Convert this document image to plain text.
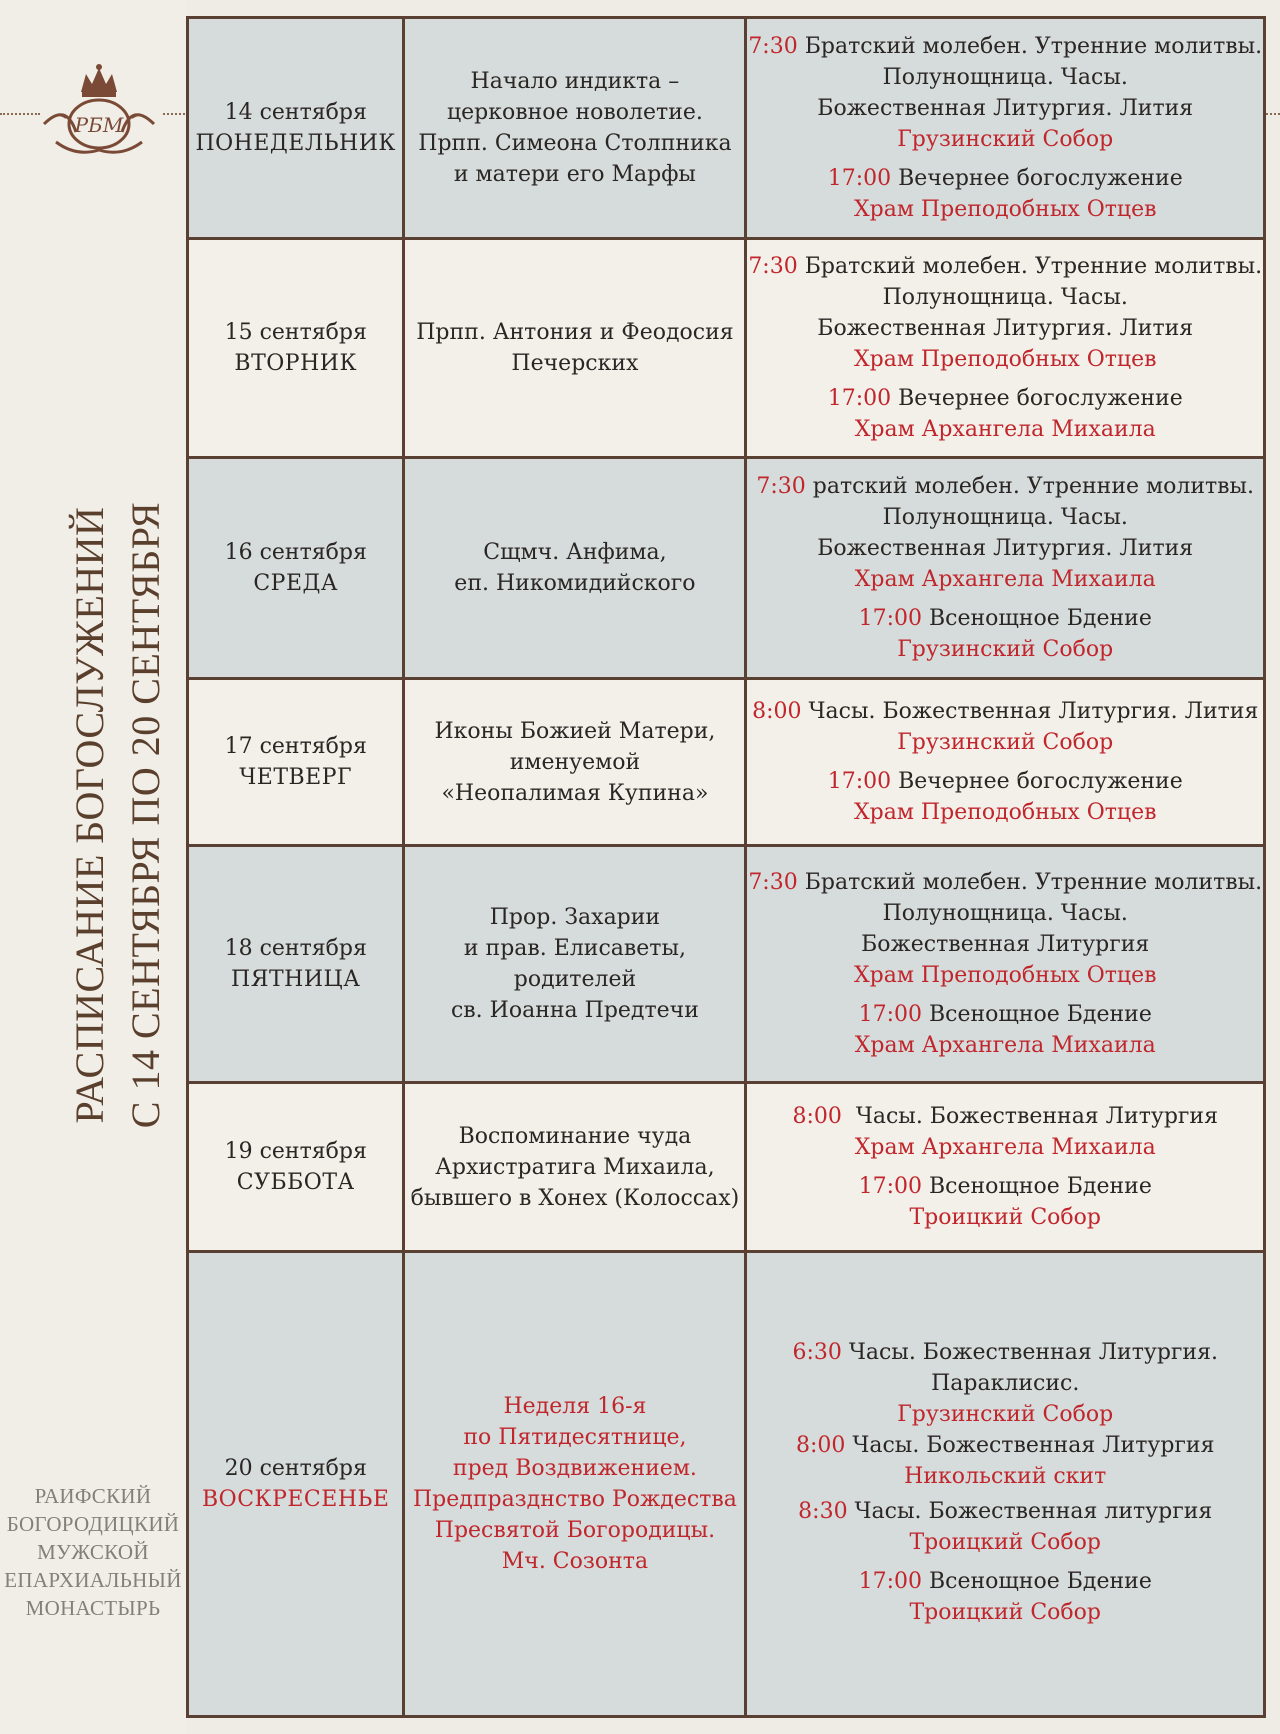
РБМ
РАСПИСАНИЕ БОГОСЛУЖЕНИЙ С 14 СЕНТЯБРЯ ПО 20 СЕНТЯБРЯ
РАИФСКИЙ
БОГОРОДИЦКИЙ
МУЖСКОЙ
ЕПАРХИАЛЬНЫЙ
МОНАСТЫРЬ
14 сентября
ПОНЕДЕЛЬНИК
Начало индикта –
церковное новолетие.
Прпп. Симеона Столпника
и матери его Марфы
7:30 Братский молебен. Утренние молитвы.
Полунощница. Часы.
Божественная Литургия. Лития
Грузинский Собор
17:00 Вечернее богослужение
Храм Преподобных Отцев
15 сентября
ВТОРНИК
Прпп. Антония и Феодосия
Печерских
7:30 Братский молебен. Утренние молитвы.
Полунощница. Часы.
Божественная Литургия. Лития
Храм Преподобных Отцев
17:00 Вечернее богослужение
Храм Архангела Михаила
16 сентября
СРЕДА
Сщмч. Анфима,
еп. Никомидийского
7:30 ратский молебен. Утренние молитвы.
Полунощница. Часы.
Божественная Литургия. Лития
Храм Архангела Михаила
17:00 Всенощное Бдение
Грузинский Собор
17 сентября
ЧЕТВЕРГ
Иконы Божией Матери,
именуемой
«Неопалимая Купина»
8:00 Часы. Божественная Литургия. Лития
Грузинский Собор
17:00 Вечернее богослужение
Храм Преподобных Отцев
18 сентября
ПЯТНИЦА
Прор. Захарии
и прав. Елисаветы,
родителей
св. Иоанна Предтечи
7:30 Братский молебен. Утренние молитвы.
Полунощница. Часы.
Божественная Литургия
Храм Преподобных Отцев
17:00 Всенощное Бдение
Храм Архангела Михаила
19 сентября
СУББОТА
Воспоминание чуда
Архистратига Михаила,
бывшего в Хонех (Колоссах)
8:00  Часы. Божественная Литургия
Храм Архангела Михаила
17:00 Всенощное Бдение
Троицкий Собор
20 сентября
ВОСКРЕСЕНЬЕ
Неделя 16-я
по Пятидесятнице,
пред Воздвижением.
Предпразднство Рождества
Пресвятой Богородицы.
Мч. Созонта
6:30 Часы. Божественная Литургия.
Параклисис.
Грузинский Собор
8:00 Часы. Божественная Литургия
Никольский скит
8:30 Часы. Божественная литургия
Троицкий Собор
17:00 Всенощное Бдение
Троицкий Собор
